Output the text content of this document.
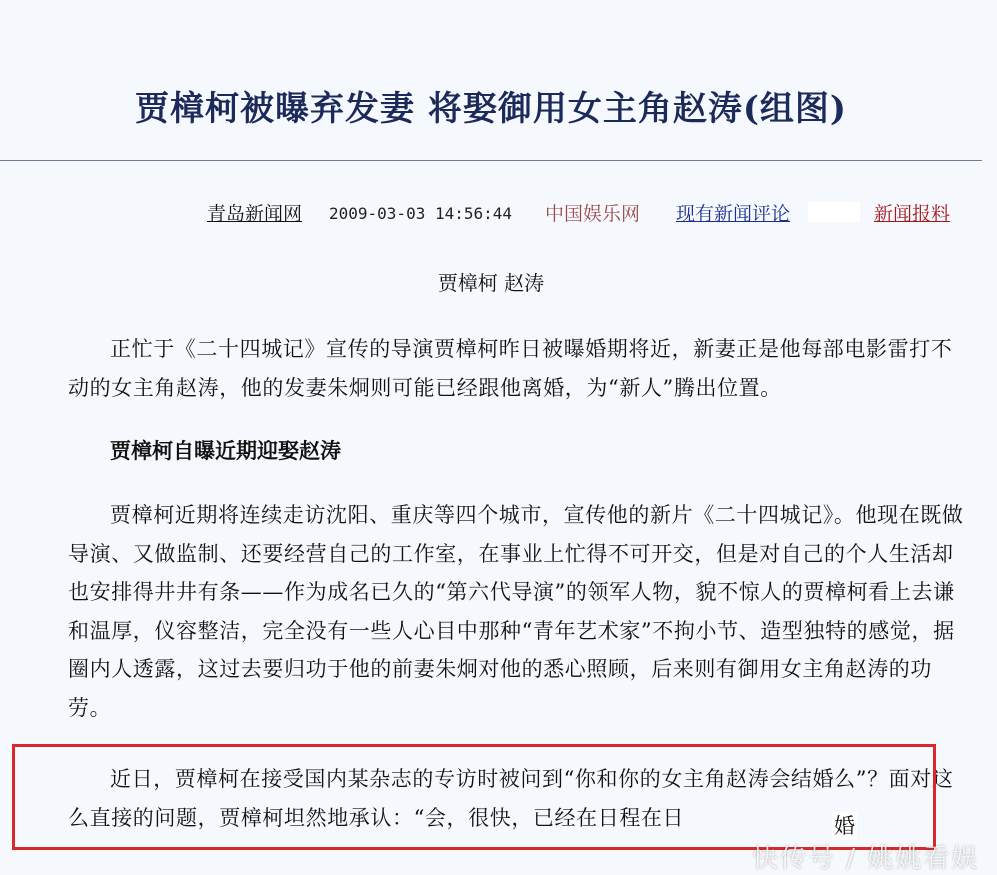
贾樟柯被曝弃发妻 将娶御用女主角赵涛(组图)
青岛新闻网 2009-03-03 14:56:44 中国娱乐网 现有新闻评论	新闻报料
贾樟柯 赵涛

正忙于《二十四城记》宣传的导演贾樟柯昨日被曝婚期将近，新妻正是他每部电影雷打不动的女主角赵涛，他的发妻朱炯则可能已经跟他离婚，为“新人”腾出位置。

贾樟柯自曝近期迎娶赵涛

贾樟柯近期将连续走访沈阳、重庆等四个城市，宣传他的新片《二十四城记》。他现在既做导演、又做监制、还要经营自己的工作室，在事业上忙得不可开交，但是对自己的个人生活却也安排得井井有条——作为成名已久的“第六代导演”的领军人物，貌不惊人的贾樟柯看上去谦和温厚，仪容整洁，完全没有一些人心目中那种“青年艺术家”不拘小节、造型独特的感觉，据圈内人透露，这过去要归功于他的前妻朱炯对他的悉心照顾，后来则有御用女主角赵涛的功劳。

近日，贾樟柯在接受国内某杂志的专访时被问到“你和你的女主角赵涛会结婚么”？面对这么直接的问题，贾樟柯坦然地承认：“会，很快，已经在日程在日	婚
快传号 / 姚姚看娱
